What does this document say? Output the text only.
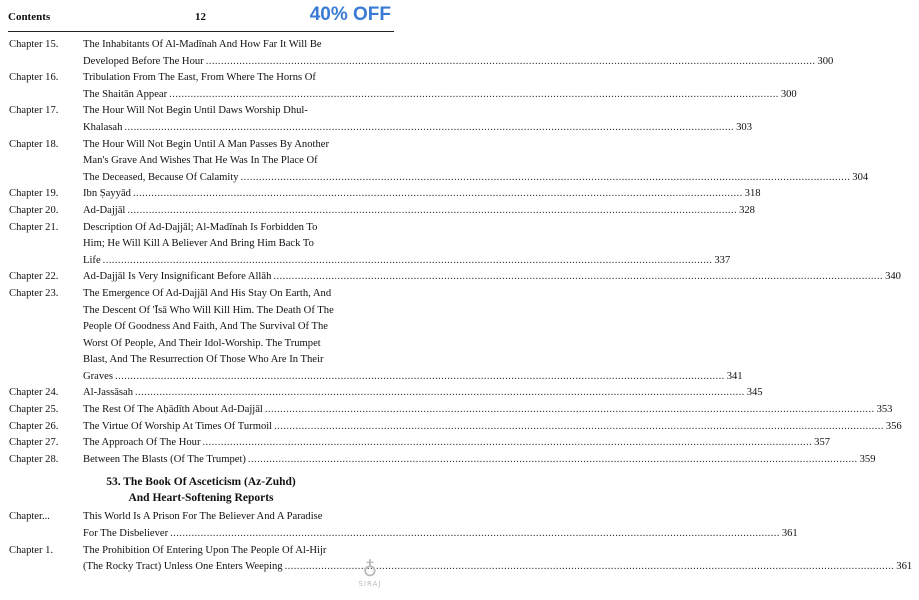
Contents	12	40% OFF
Chapter 15.	The Inhabitants Of Al-Madīnah And How Far It Will Be
Developed Before The Hour .....	300
Chapter 16.	Tribulation From The East, From Where The Horns Of
The Shaitān Appear .....	300
Chapter 17.	The Hour Will Not Begin Until Daws Worship Dhul-
Khalasah .....	303
Chapter 18.	The Hour Will Not Begin Until A Man Passes By Another
Man's Grave And Wishes That He Was In The Place Of
The Deceased, Because Of Calamity .....	304
Chapter 19.	Ibn Ṣayyād .....	318
Chapter 20.	Ad-Dajjāl .....	328
Chapter 21.	Description Of Ad-Dajjāl; Al-Madīnah Is Forbidden To
Him; He Will Kill A Believer And Bring Him Back To
Life .....	337
Chapter 22.	Ad-Dajjāl Is Very Insignificant Before Allāh .....	340
Chapter 23.	The Emergence Of Ad-Dajjāl And His Stay On Earth, And
The Descent Of 'Īsā Who Will Kill Him. The Death Of The
People Of Goodness And Faith, And The Survival Of The
Worst Of People, And Their Idol-Worship. The Trumpet
Blast, And The Resurrection Of Those Who Are In Their
Graves .....	341
Chapter 24.	Al-Jassāsah .....	345
Chapter 25.	The Rest Of The Aḥādīth About Ad-Dajjāl .....	353
Chapter 26.	The Virtue Of Worship At Times Of Turmoil .....	356
Chapter 27.	The Approach Of The Hour .....	357
Chapter 28.	Between The Blasts (Of The Trumpet) .....	359
53. The Book Of Asceticism (Az-Zuhd)
And Heart-Softening Reports
Chapter...	This World Is A Prison For The Believer And A Paradise
For The Disbeliever .....	361
Chapter 1.	The Prohibition Of Entering Upon The People Of Al-Hijr
(The Rocky Tract) Unless One Enters Weeping .....	361
♁
SIRAJ
